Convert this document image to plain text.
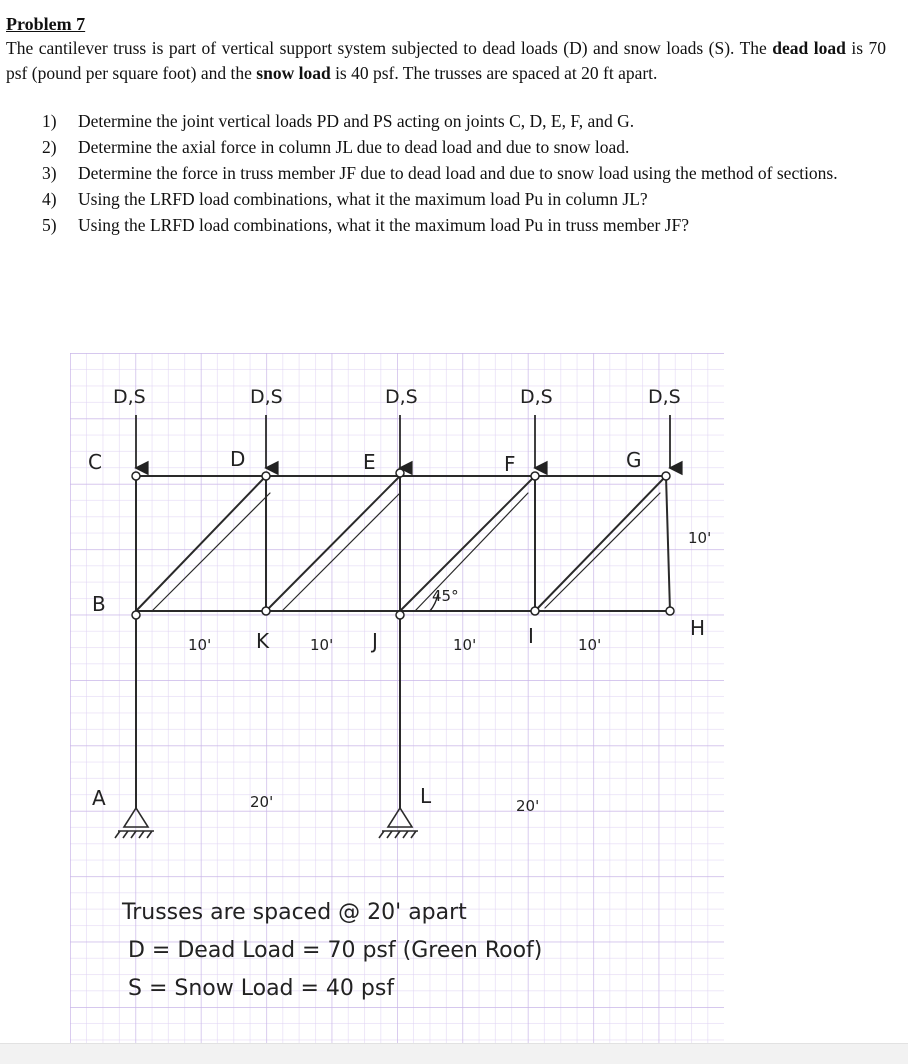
Problem 7
The cantilever truss is part of vertical support system subjected to dead loads (D) and snow loads (S). The dead load is 70 psf (pound per square foot) and the snow load is 40 psf. The trusses are spaced at 20 ft apart.
1) Determine the joint vertical loads PD and PS acting on joints C, D, E, F, and G.
2) Determine the axial force in column JL due to dead load and due to snow load.
3) Determine the force in truss member JF due to dead load and due to snow load using the method of sections.
4) Using the LRFD load combinations, what it the maximum load Pu in column JL?
5) Using the LRFD load combinations, what it the maximum load Pu in truss member JF?
D,S	D,S	D,S	D,S	D,S
C	D	E	F	G
B
K	J	I	H
A	L
10'	10'	10'	10'
10'
20'	20'
45°
Trusses are spaced @ 20' apart
D = Dead Load = 70 psf (Green Roof)
S = Snow Load = 40 psf
